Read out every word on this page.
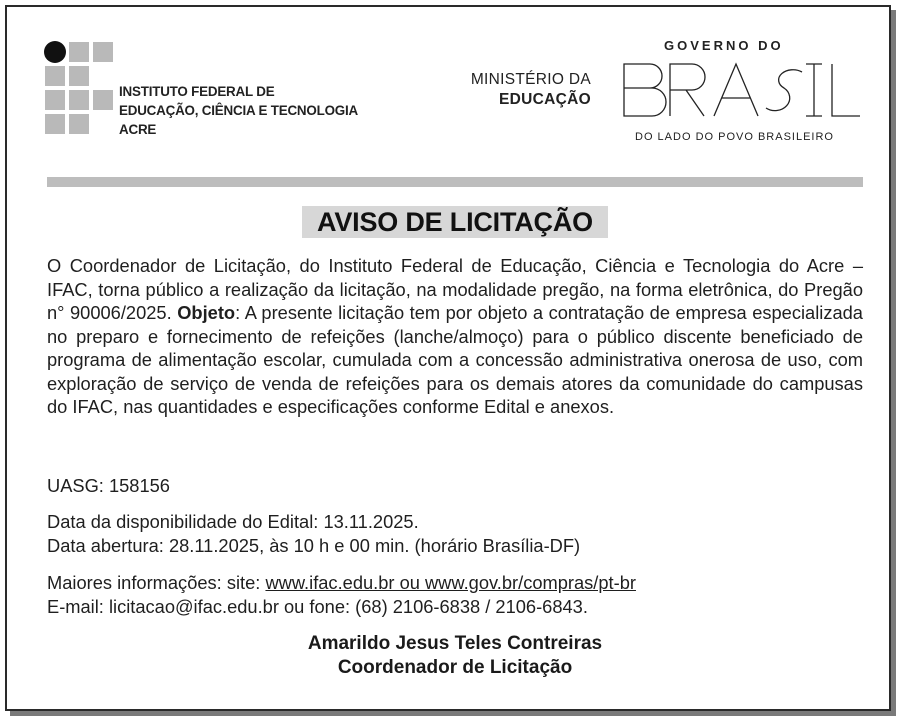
INSTITUTO FEDERAL DE
EDUCAÇÃO, CIÊNCIA E TECNOLOGIA
ACRE
MINISTÉRIO DA
EDUCAÇÃO
GOVERNO DO
DO LADO DO POVO BRASILEIRO
AVISO DE LICITAÇÃO
O Coordenador de Licitação, do Instituto Federal de Educação, Ciência e Tecnologia do Acre – IFAC, torna público a realização da licitação, na modalidade pregão, na forma eletrônica, do Pregão n° 90006/2025. Objeto: A presente licitação tem por objeto a contratação de empresa especializada no preparo e fornecimento de refeições (lanche/almoço) para o público discente beneficiado de programa de alimentação escolar, cumulada com a concessão administrativa onerosa de uso, com exploração de serviço de venda de refeições para os demais atores da comunidade do campusas do IFAC, nas quantidades e especificações conforme Edital e anexos.
UASG: 158156
Data da disponibilidade do Edital: 13.11.2025.
Data abertura: 28.11.2025, às 10 h e 00 min. (horário Brasília-DF)
Maiores informações: site: www.ifac.edu.br ou www.gov.br/compras/pt-br
E-mail: licitacao@ifac.edu.br ou fone: (68) 2106-6838 / 2106-6843.
Amarildo Jesus Teles Contreiras
Coordenador de Licitação
